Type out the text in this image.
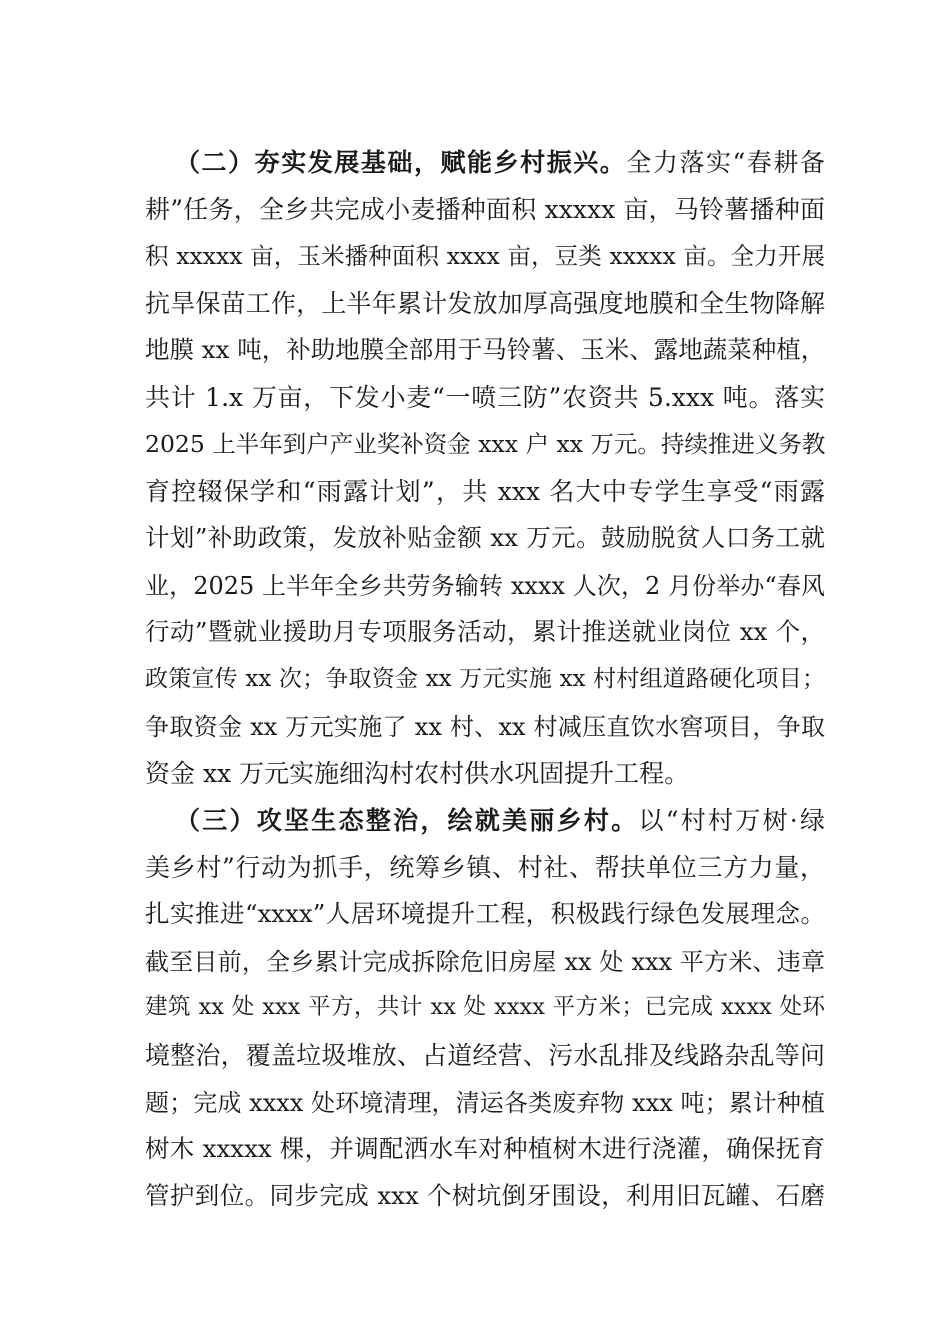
（二）夯实发展基础，赋能乡村振兴。全力落实“春耕备
耕”任务，全乡共完成小麦播种面积 xxxxx 亩，马铃薯播种面
积 xxxxx 亩，玉米播种面积 xxxx 亩，豆类 xxxxx 亩。全力开展
抗旱保苗工作，上半年累计发放加厚高强度地膜和全生物降解
地膜 xx 吨，补助地膜全部用于马铃薯、玉米、露地蔬菜种植，
共计 1.x 万亩，下发小麦“一喷三防”农资共 5.xxx 吨。落实
2025 上半年到户产业奖补资金 xxx 户 xx 万元。持续推进义务教
育控辍保学和“雨露计划”，共 xxx 名大中专学生享受“雨露
计划”补助政策，发放补贴金额 xx 万元。鼓励脱贫人口务工就
业，2025 上半年全乡共劳务输转 xxxx 人次，2 月份举办“春风
行动”暨就业援助月专项服务活动，累计推送就业岗位 xx 个，
政策宣传 xx 次；争取资金 xx 万元实施 xx 村村组道路硬化项目；
争取资金 xx 万元实施了 xx 村、xx 村减压直饮水窖项目，争取
资金 xx 万元实施细沟村农村供水巩固提升工程。
（三）攻坚生态整治，绘就美丽乡村。以“村村万树·绿
美乡村”行动为抓手，统筹乡镇、村社、帮扶单位三方力量，
扎实推进“xxxx”人居环境提升工程，积极践行绿色发展理念。
截至目前，全乡累计完成拆除危旧房屋 xx 处 xxx 平方米、违章
建筑 xx 处 xxx 平方，共计 xx 处 xxxx 平方米；已完成 xxxx 处环
境整治，覆盖垃圾堆放、占道经营、污水乱排及线路杂乱等问
题；完成 xxxx 处环境清理，清运各类废弃物 xxx 吨；累计种植
树木 xxxxx 棵，并调配洒水车对种植树木进行浇灌，确保抚育
管护到位。同步完成 xxx 个树坑倒牙围设，利用旧瓦罐、石磨
